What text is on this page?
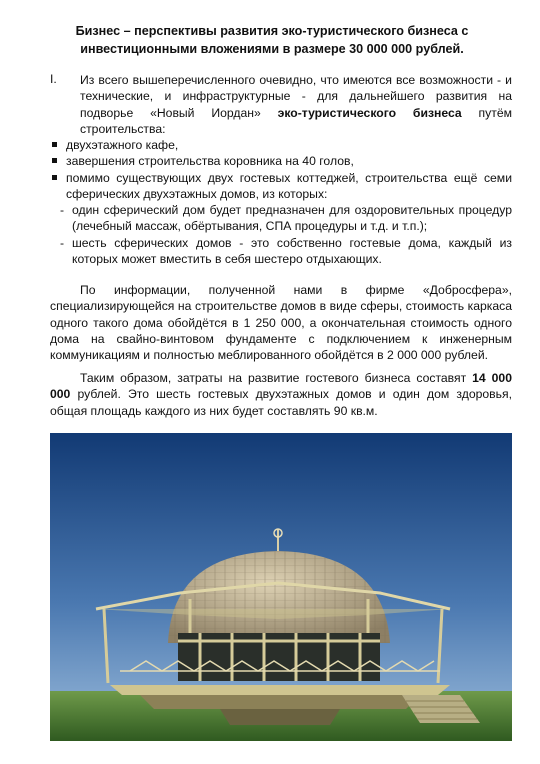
Бизнес – перспективы развития эко-туристического бизнеса с инвестиционными вложениями в размере 30 000 000 рублей.
I. Из всего вышеперечисленного очевидно, что имеются все возможности - и технические, и инфраструктурные - для дальнейшего развития на подворье «Новый Иордан» эко-туристического бизнеса путём строительства:
двухэтажного кафе,
завершения строительства коровника на 40 голов,
помимо существующих двух гостевых коттеджей, строительства ещё семи сферических двухэтажных домов, из которых:
- один сферический дом будет предназначен для оздоровительных процедур (лечебный массаж, обёртывания, СПА процедуры и т.д. и т.п.);
- шесть сферических домов - это собственно гостевые дома, каждый из которых может вместить в себя шестеро отдыхающих.
По информации, полученной нами в фирме «Добросфера», специализирующейся на строительстве домов в виде сферы, стоимость каркаса одного такого дома обойдётся в 1 250 000, а окончательная стоимость одного дома на свайно-винтовом фундаменте с подключением к инженерным коммуникациям и полностью меблированного обойдётся в 2 000 000 рублей.
Таким образом, затраты на развитие гостевого бизнеса составят 14 000 000 рублей. Это шесть гостевых двухэтажных домов и один дом здоровья, общая площадь каждого из них будет составлять 90 кв.м.
